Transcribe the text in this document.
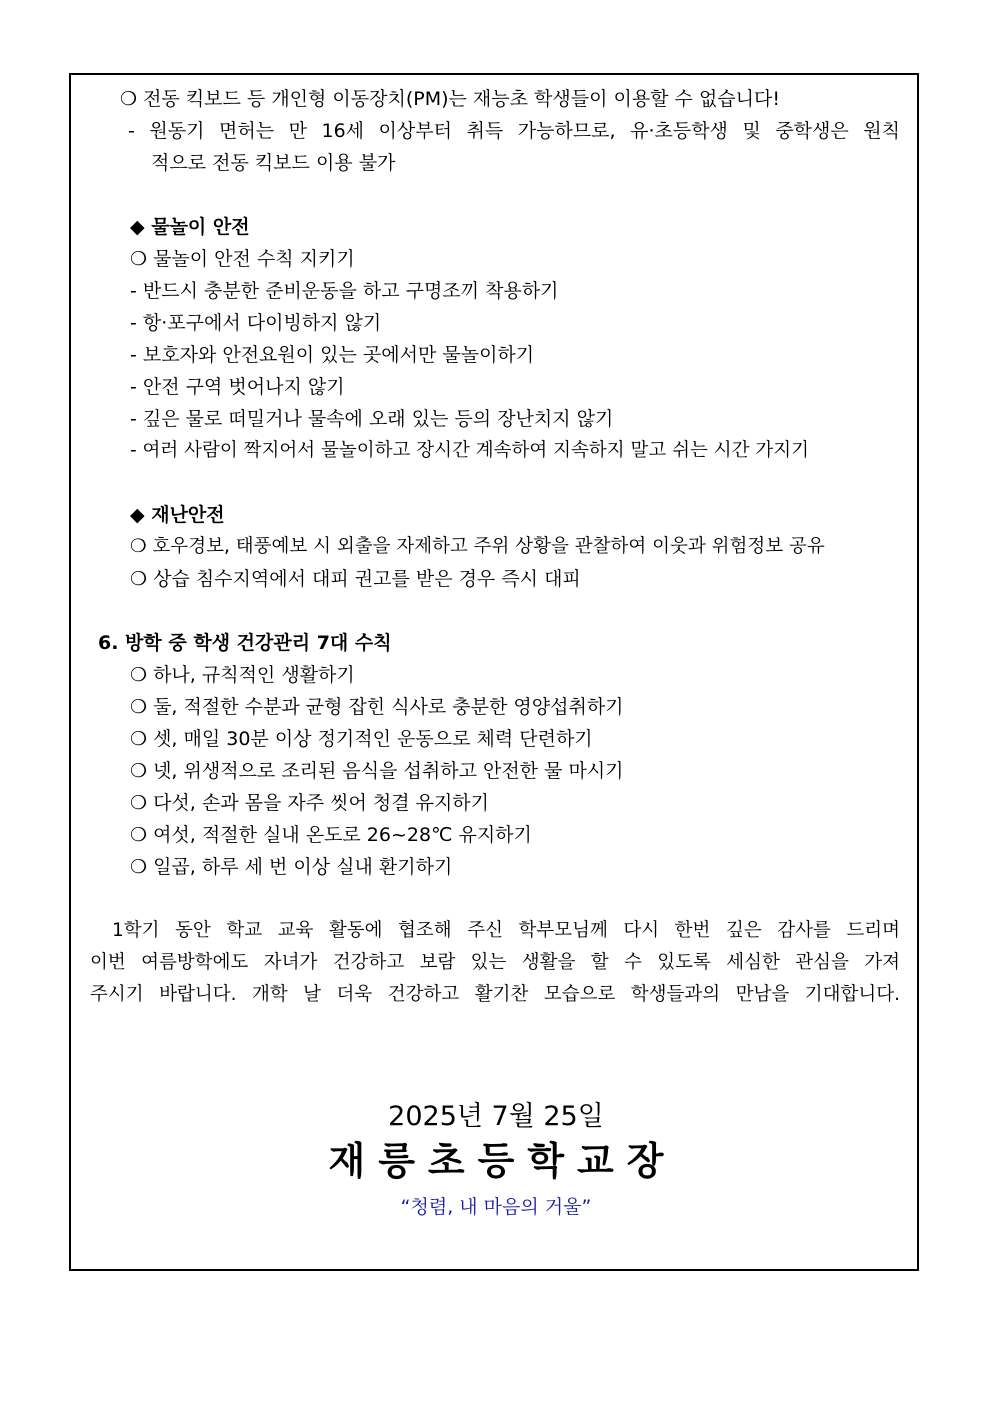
❍ 전동 킥보드 등 개인형 이동장치(PM)는 재능초 학생들이 이용할 수 없습니다!
- 원동기 면허는 만 16세 이상부터 취득 가능하므로, 유·초등학생 및 중학생은 원칙
적으로 전동 킥보드 이용 불가
◆ 물놀이 안전
❍ 물놀이 안전 수칙 지키기
- 반드시 충분한 준비운동을 하고 구명조끼 착용하기
- 항·포구에서 다이빙하지 않기
- 보호자와 안전요원이 있는 곳에서만 물놀이하기
- 안전 구역 벗어나지 않기
- 깊은 물로 떠밀거나 물속에 오래 있는 등의 장난치지 않기
- 여러 사람이 짝지어서 물놀이하고 장시간 계속하여 지속하지 말고 쉬는 시간 가지기
◆ 재난안전
❍ 호우경보, 태풍예보 시 외출을 자제하고 주위 상황을 관찰하여 이웃과 위험정보 공유
❍ 상습 침수지역에서 대피 권고를 받은 경우 즉시 대피
6. 방학 중 학생 건강관리 7대 수칙
❍ 하나, 규칙적인 생활하기
❍ 둘, 적절한 수분과 균형 잡힌 식사로 충분한 영양섭취하기
❍ 셋, 매일 30분 이상 정기적인 운동으로 체력 단련하기
❍ 넷, 위생적으로 조리된 음식을 섭취하고 안전한 물 마시기
❍ 다섯, 손과 몸을 자주 씻어 청결 유지하기
❍ 여섯, 적절한 실내 온도로 26~28℃ 유지하기
❍ 일곱, 하루 세 번 이상 실내 환기하기
1학기 동안 학교 교육 활동에 협조해 주신 학부모님께 다시 한번 깊은 감사를 드리며
이번 여름방학에도 자녀가 건강하고 보람 있는 생활을 할 수 있도록 세심한 관심을 가져
주시기 바랍니다. 개학 날 더욱 건강하고 활기찬 모습으로 학생들과의 만남을 기대합니다.
2025년 7월 25일
재릉초등학교장
“청렴, 내 마음의 거울”
